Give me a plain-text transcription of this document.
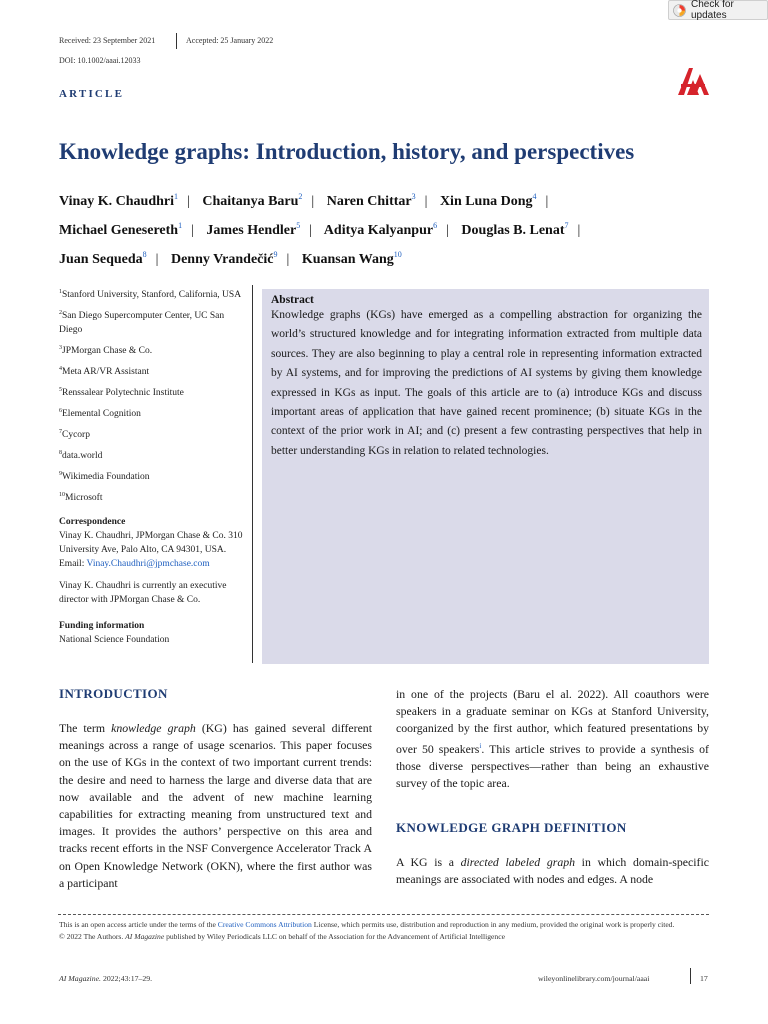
Check for updates
Received: 23 September 2021	Accepted: 25 January 2022
DOI: 10.1002/aaai.12033
ARTICLE
Knowledge graphs: Introduction, history, and perspectives
Vinay K. Chaudhri$^1$ | Chaitanya Baru$^2$ | Naren Chittar$^3$ | Xin Luna Dong$^4$ |
Michael Genesereth$^1$ | James Hendler$^5$ | Aditya Kalyanpur$^6$ | Douglas B. Lenat$^7$ |
Juan Sequeda$^8$ | Denny Vrandečić$^9$ | Kuansan Wang$^{10}$
$^1$Stanford University, Stanford, California, USA
$^2$San Diego Supercomputer Center, UC San Diego
$^3$JPMorgan Chase & Co.
$^4$Meta AR/VR Assistant
$^5$Renssalear Polytechnic Institute
$^6$Elemental Cognition
$^7$Cycorp
$^8$data.world
$^9$Wikimedia Foundation
$^{10}$Microsoft
Correspondence
Vinay K. Chaudhri, JPMorgan Chase & Co. 310 University Ave, Palo Alto, CA 94301, USA.
Email: Vinay.Chaudhri@jpmchase.com
Vinay K. Chaudhri is currently an executive director with JPMorgan Chase & Co.
Funding information
National Science Foundation
Abstract
Knowledge graphs (KGs) have emerged as a compelling abstraction for organizing the world’s structured knowledge and for integrating information extracted from multiple data sources. They are also beginning to play a central role in representing information extracted by AI systems, and for improving the predictions of AI systems by giving them knowledge expressed in KGs as input. The goals of this article are to (a) introduce KGs and discuss important areas of application that have gained recent prominence; (b) situate KGs in the context of the prior work in AI; and (c) present a few contrasting perspectives that help in better understanding KGs in relation to related technologies.
INTRODUCTION
The term knowledge graph (KG) has gained several different meanings across a range of usage scenarios. This paper focuses on the use of KGs in the context of two important current trends: the desire and need to harness the large and diverse data that are now available and the advent of new machine learning capabilities for extracting meaning from unstructured text and images. It provides the authors’ perspective on this area and tracks recent efforts in the NSF Convergence Accelerator Track A on Open Knowledge Network (OKN), where the first author was a participant
in one of the projects (Baru el al. 2022). All coauthors were speakers in a graduate seminar on KGs at Stanford University, coorganized by the first author, which featured presentations by over 50 speakers$^i$. This article strives to provide a synthesis of those diverse perspectives—rather than being an exhaustive survey of the topic area.
KNOWLEDGE GRAPH DEFINITION
A KG is a directed labeled graph in which domain-specific meanings are associated with nodes and edges. A node
This is an open access article under the terms of the Creative Commons Attribution License, which permits use, distribution and reproduction in any medium, provided the original work is properly cited.
© 2022 The Authors. AI Magazine published by Wiley Periodicals LLC on behalf of the Association for the Advancement of Artificial Intelligence
AI Magazine. 2022;43:17–29.	wileyonlinelibrary.com/journal/aaai	17
